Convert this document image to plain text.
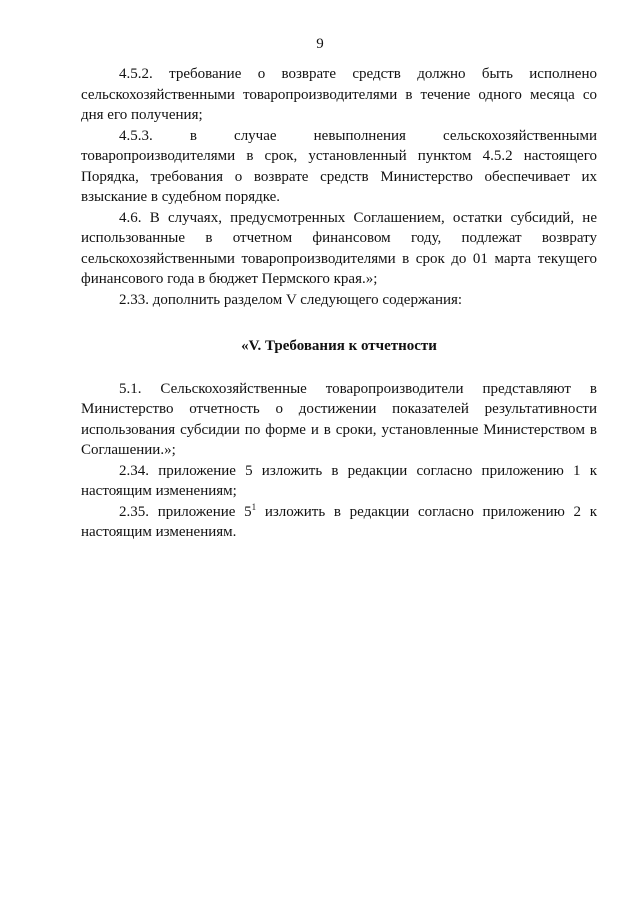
9

4.5.2. требование о возврате средств должно быть исполнено сельскохозяйственными товаропроизводителями в течение одного месяца со дня его получения;

4.5.3. в случае невыполнения сельскохозяйственными товаропроизводителями в срок, установленный пунктом 4.5.2 настоящего Порядка, требования о возврате средств Министерство обеспечивает их взыскание в судебном порядке.

4.6. В случаях, предусмотренных Соглашением, остатки субсидий, не использованные в отчетном финансовом году, подлежат возврату сельскохозяйственными товаропроизводителями в срок до 01 марта текущего финансового года в бюджет Пермского края.»;

2.33. дополнить разделом V следующего содержания:

«V. Требования к отчетности

5.1. Сельскохозяйственные товаропроизводители представляют в Министерство отчетность о достижении показателей результативности использования субсидии по форме и в сроки, установленные Министерством в Соглашении.»;

2.34. приложение 5 изложить в редакции согласно приложению 1 к настоящим изменениям;

2.35. приложение $5^1$ изложить в редакции согласно приложению 2 к настоящим изменениям.
